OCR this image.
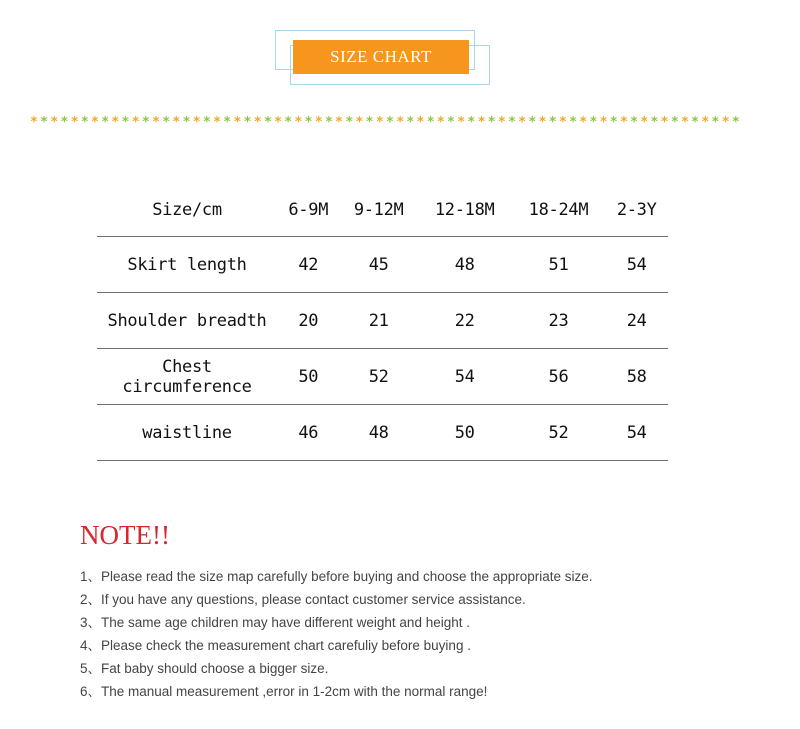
SIZE CHART
* * * * * * * * * * * * * * * * * * * * * * * * * * * * * * * * * * * * * * * * * * * * * * * * * * * * * * * * * * * * * * * * * * * * * *
Size/cm	6-9M	9-12M	12-18M	18-24M	2-3Y
Skirt length	42	45	48	51	54
Shoulder breadth	20	21	22	23	24
Chest circumference	50	52	54	56	58
waistline	46	48	50	52	54
NOTE!!
1、Please read the size map carefully before buying and choose the appropriate size.
2、If you have any questions, please contact customer service assistance.
3、The same age children may have different weight and height .
4、Please check the measurement chart carefuliy before buying .
5、Fat baby should choose a bigger size.
6、The manual measurement ,error in 1-2cm with the normal range!
